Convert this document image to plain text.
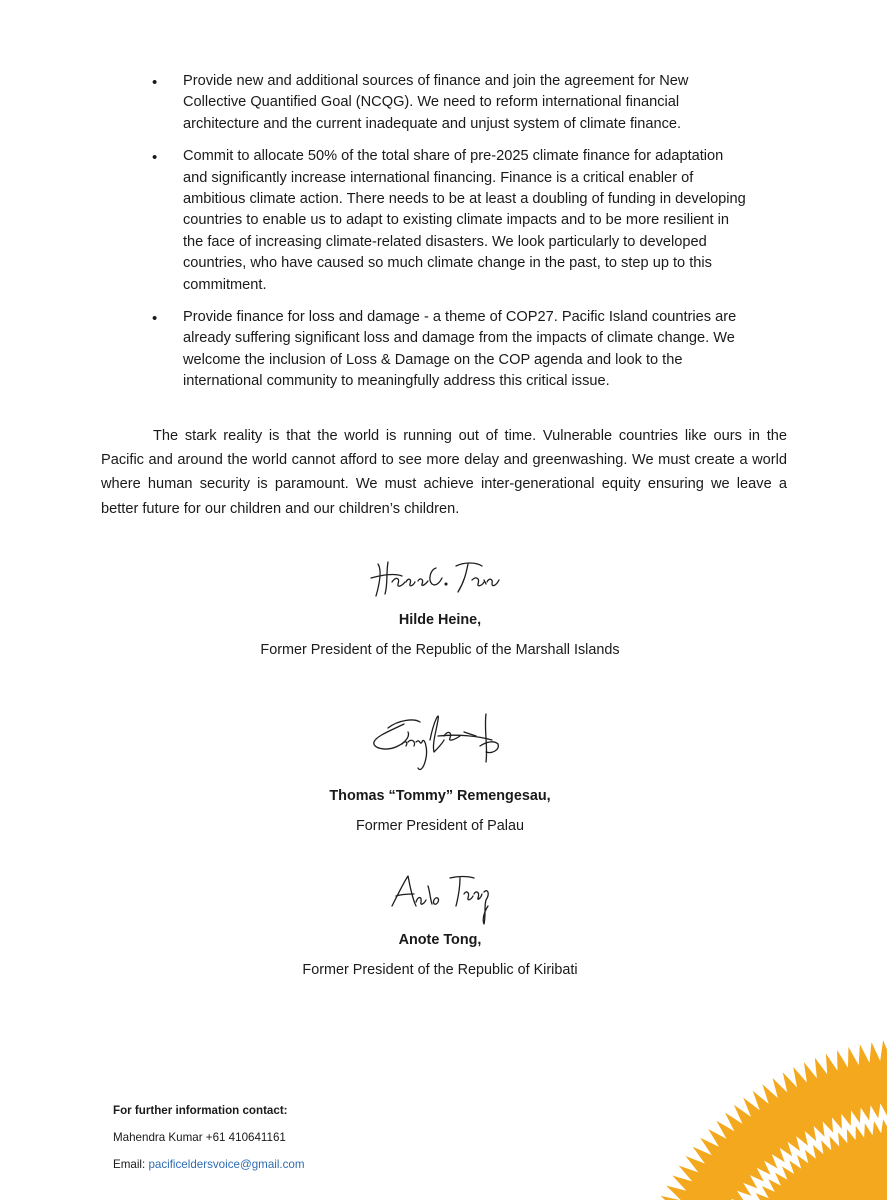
• Provide new and additional sources of finance and join the agreement for New
Collective Quantified Goal (NCQG). We need to reform international financial
architecture and the current inadequate and unjust system of climate finance.
• Commit to allocate 50% of the total share of pre-2025 climate finance for adaptation
and significantly increase international financing. Finance is a critical enabler of
ambitious climate action. There needs to be at least a doubling of funding in developing
countries to enable us to adapt to existing climate impacts and to be more resilient in
the face of increasing climate-related disasters. We look particularly to developed
countries, who have caused so much climate change in the past, to step up to this
commitment.
• Provide finance for loss and damage - a theme of COP27. Pacific Island countries are
already suffering significant loss and damage from the impacts of climate change. We
welcome the inclusion of Loss & Damage on the COP agenda and look to the
international community to meaningfully address this critical issue.

The stark reality is that the world is running out of time. Vulnerable countries like ours in the Pacific and around the world cannot afford to see more delay and greenwashing. We must create a world where human security is paramount. We must achieve inter-generational equity ensuring we leave a better future for our children and our children’s children.

Hilde Heine,
Former President of the Republic of the Marshall Islands
Thomas “Tommy” Remengesau,
Former President of Palau
Anote Tong,
Former President of the Republic of Kiribati
For further information contact:
Mahendra Kumar +61 410641161
Email: pacificeldersvoice@gmail.com
